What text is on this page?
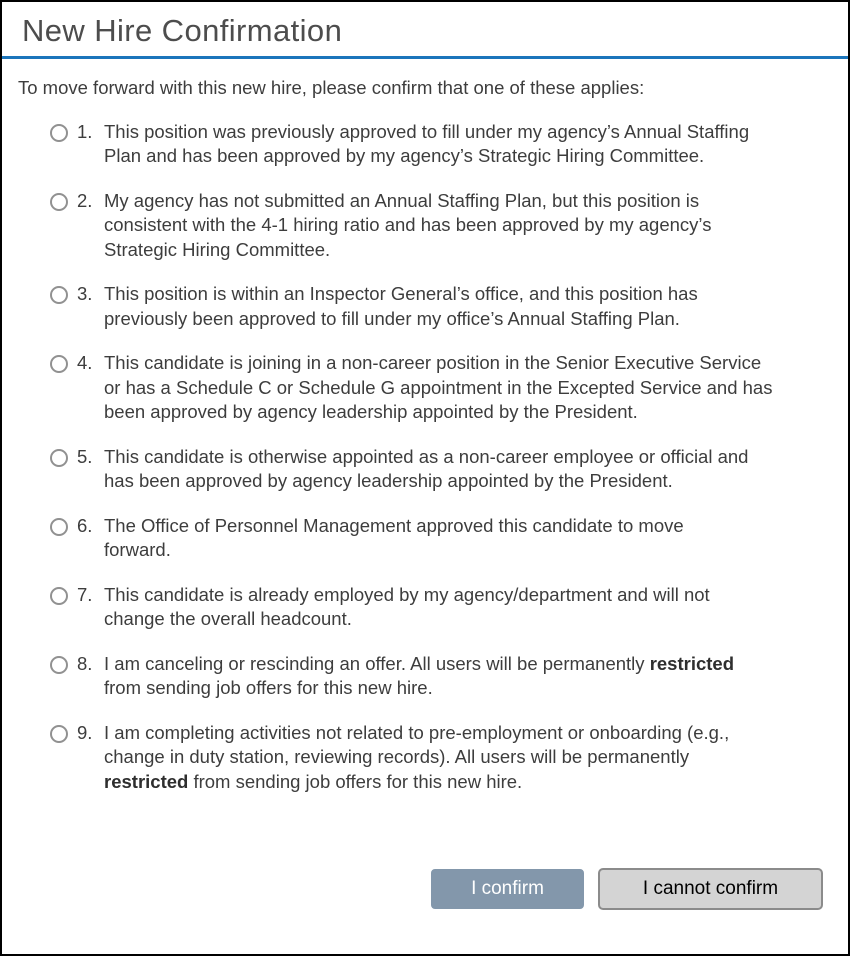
New Hire Confirmation

To move forward with this new hire, please confirm that one of these applies:

1. This position was previously approved to fill under my agency’s Annual Staffing
Plan and has been approved by my agency’s Strategic Hiring Committee.
2. My agency has not submitted an Annual Staffing Plan, but this position is
consistent with the 4-1 hiring ratio and has been approved by my agency’s
Strategic Hiring Committee.
3. This position is within an Inspector General’s office, and this position has
previously been approved to fill under my office’s Annual Staffing Plan.
4. This candidate is joining in a non-career position in the Senior Executive Service
or has a Schedule C or Schedule G appointment in the Excepted Service and has
been approved by agency leadership appointed by the President.
5. This candidate is otherwise appointed as a non-career employee or official and
has been approved by agency leadership appointed by the President.
6. The Office of Personnel Management approved this candidate to move
forward.
7. This candidate is already employed by my agency/department and will not
change the overall headcount.
8. I am canceling or rescinding an offer. All users will be permanently restricted
from sending job offers for this new hire.
9. I am completing activities not related to pre-employment or onboarding (e.g.,
change in duty station, reviewing records). All users will be permanently
restricted from sending job offers for this new hire.
I confirm	I cannot confirm
